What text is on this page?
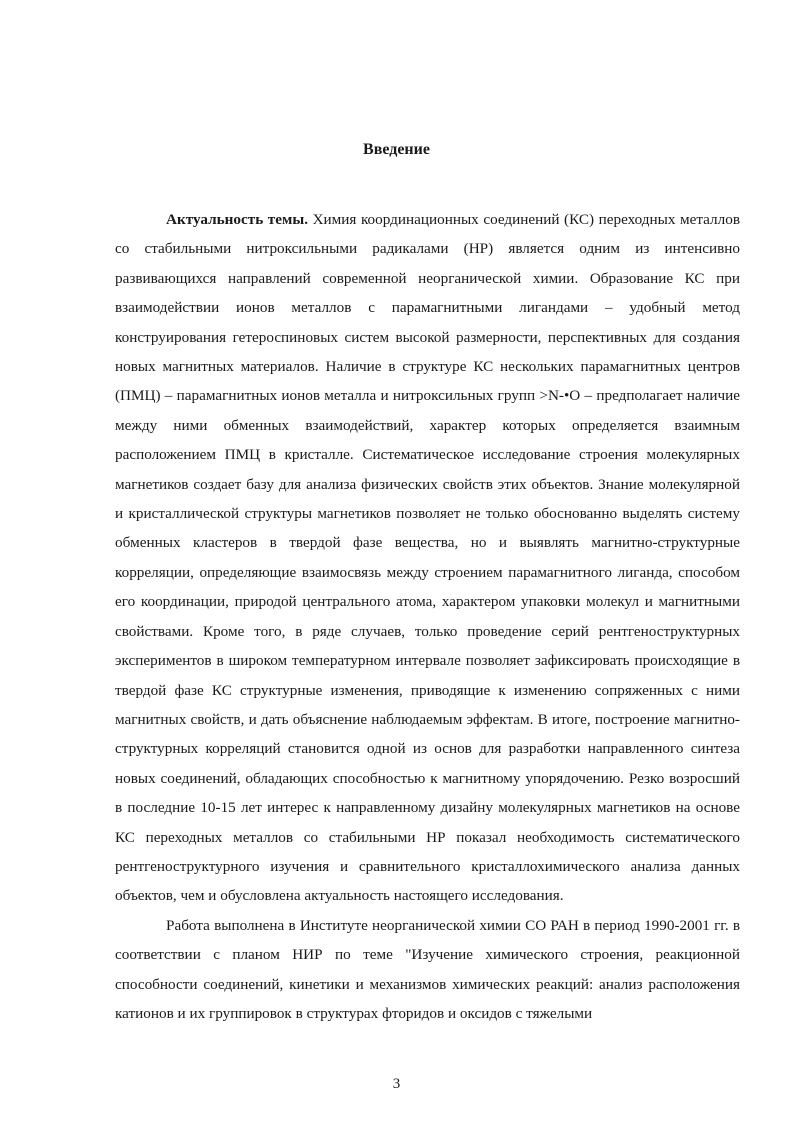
Введение

Актуальность темы. Химия координационных соединений (КС) переходных металлов со стабильными нитроксильными радикалами (НР) является одним из интенсивно развивающихся направлений современной неорганической химии. Образование КС при взаимодействии ионов металлов с парамагнитными лигандами – удобный метод конструирования гетероспиновых систем высокой размерности, перспективных для создания новых магнитных материалов. Наличие в структуре КС нескольких парамагнитных центров (ПМЦ) – парамагнитных ионов металла и нитроксильных групп >N-•O – предполагает наличие между ними обменных взаимодействий, характер которых определяется взаимным расположением ПМЦ в кристалле. Систематическое исследование строения молекулярных магнетиков создает базу для анализа физических свойств этих объектов. Знание молекулярной и кристаллической структуры магнетиков позволяет не только обоснованно выделять систему обменных кластеров в твердой фазе вещества, но и выявлять магнитно-структурные корреляции, определяющие взаимосвязь между строением парамагнитного лиганда, способом его координации, природой центрального атома, характером упаковки молекул и магнитными свойствами. Кроме того, в ряде случаев, только проведение серий рентгеноструктурных экспериментов в широком температурном интервале позволяет зафиксировать происходящие в твердой фазе КС структурные изменения, приводящие к изменению сопряженных с ними магнитных свойств, и дать объяснение наблюдаемым эффектам. В итоге, построение магнитно-структурных корреляций становится одной из основ для разработки направленного синтеза новых соединений, обладающих способностью к магнитному упорядочению. Резко возросший в последние 10-15 лет интерес к направленному дизайну молекулярных магнетиков на основе КС переходных металлов со стабильными НР показал необходимость систематического рентгеноструктурного изучения и сравнительного кристаллохимического анализа данных объектов, чем и обусловлена актуальность настоящего исследования.

Работа выполнена в Институте неорганической химии СО РАН в период 1990-2001 гг. в соответствии с планом НИР по теме "Изучение химического строения, реакционной способности соединений, кинетики и механизмов химических реакций: анализ расположения катионов и их группировок в структурах фторидов и оксидов с тяжелыми

3
